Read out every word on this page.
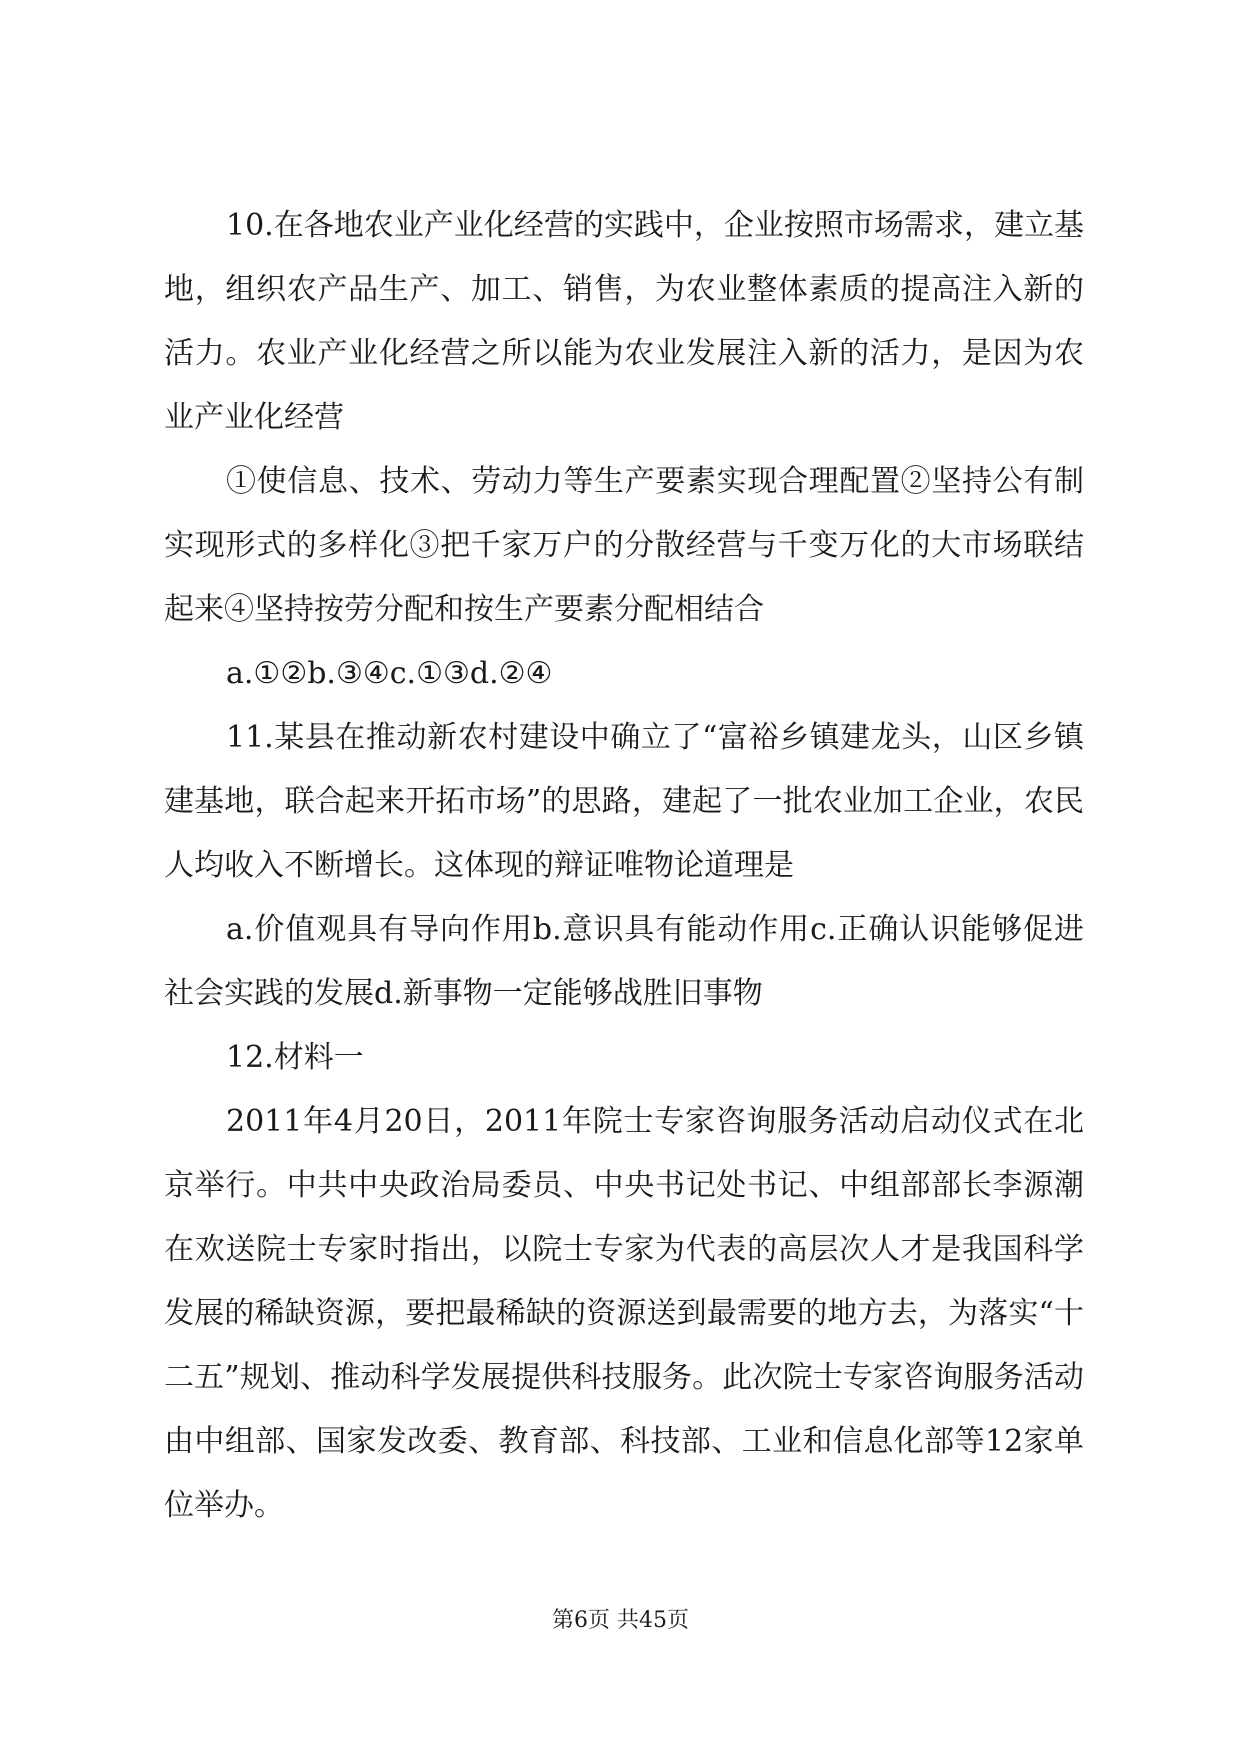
10.在各地农业产业化经营的实践中，企业按照市场需求，建立基地，组织农产品生产、加工、销售，为农业整体素质的提高注入新的活力。农业产业化经营之所以能为农业发展注入新的活力，是因为农业产业化经营

①使信息、技术、劳动力等生产要素实现合理配置②坚持公有制实现形式的多样化③把千家万户的分散经营与千变万化的大市场联结起来④坚持按劳分配和按生产要素分配相结合

a.①②b.③④c.①③d.②④

11.某县在推动新农村建设中确立了“富裕乡镇建龙头，山区乡镇建基地，联合起来开拓市场”的思路，建起了一批农业加工企业，农民人均收入不断增长。这体现的辩证唯物论道理是

a.价值观具有导向作用b.意识具有能动作用c.正确认识能够促进社会实践的发展d.新事物一定能够战胜旧事物

12.材料一

2011年4月20日，2011年院士专家咨询服务活动启动仪式在北京举行。中共中央政治局委员、中央书记处书记、中组部部长李源潮在欢送院士专家时指出，以院士专家为代表的高层次人才是我国科学发展的稀缺资源，要把最稀缺的资源送到最需要的地方去，为落实“十二五”规划、推动科学发展提供科技服务。此次院士专家咨询服务活动由中组部、国家发改委、教育部、科技部、工业和信息化部等12家单位举办。

第6页 共45页
